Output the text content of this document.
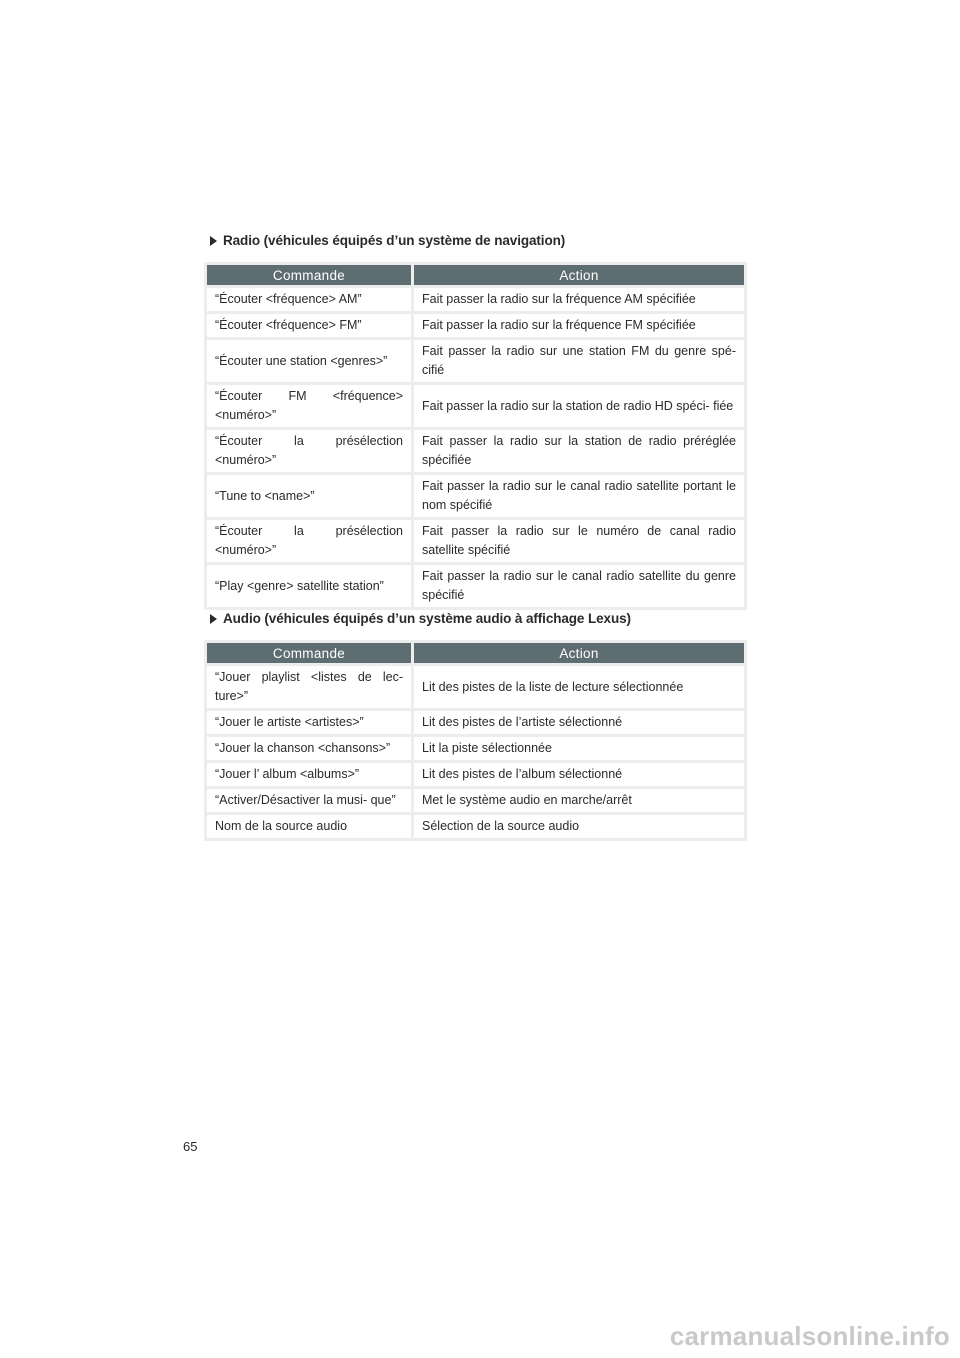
Radio (véhicules équipés d’un système de navigation)
Commande	Action
“Écouter <fréquence> AM”	Fait passer la radio sur la fréquence AM spécifiée
“Écouter <fréquence> FM”	Fait passer la radio sur la fréquence FM spécifiée
“Écouter une station <genres>”	Fait passer la radio sur une station FM du genre spé- cifié
“Écouter FM <fréquence> <numéro>”	Fait passer la radio sur la station de radio HD spéci- fiée
“Écouter la présélection <numéro>”	Fait passer la radio sur la station de radio préréglée spécifiée
“Tune to <name>”	Fait passer la radio sur le canal radio satellite portant le nom spécifié
“Écouter la présélection <numéro>”	Fait passer la radio sur le numéro de canal radio satellite spécifié
“Play <genre> satellite station”	Fait passer la radio sur le canal radio satellite du genre spécifié
Audio (véhicules équipés d’un système audio à affichage Lexus)
Commande	Action
“Jouer playlist <listes de lec- ture>”	Lit des pistes de la liste de lecture sélectionnée
“Jouer le artiste <artistes>”	Lit des pistes de l’artiste sélectionné
“Jouer la chanson <chansons>”	Lit la piste sélectionnée
“Jouer l’ album <albums>”	Lit des pistes de l’album sélectionné
“Activer/Désactiver la musi- que”	Met le système audio en marche/arrêt
Nom de la source audio	Sélection de la source audio
65
carmanualsonline.info
